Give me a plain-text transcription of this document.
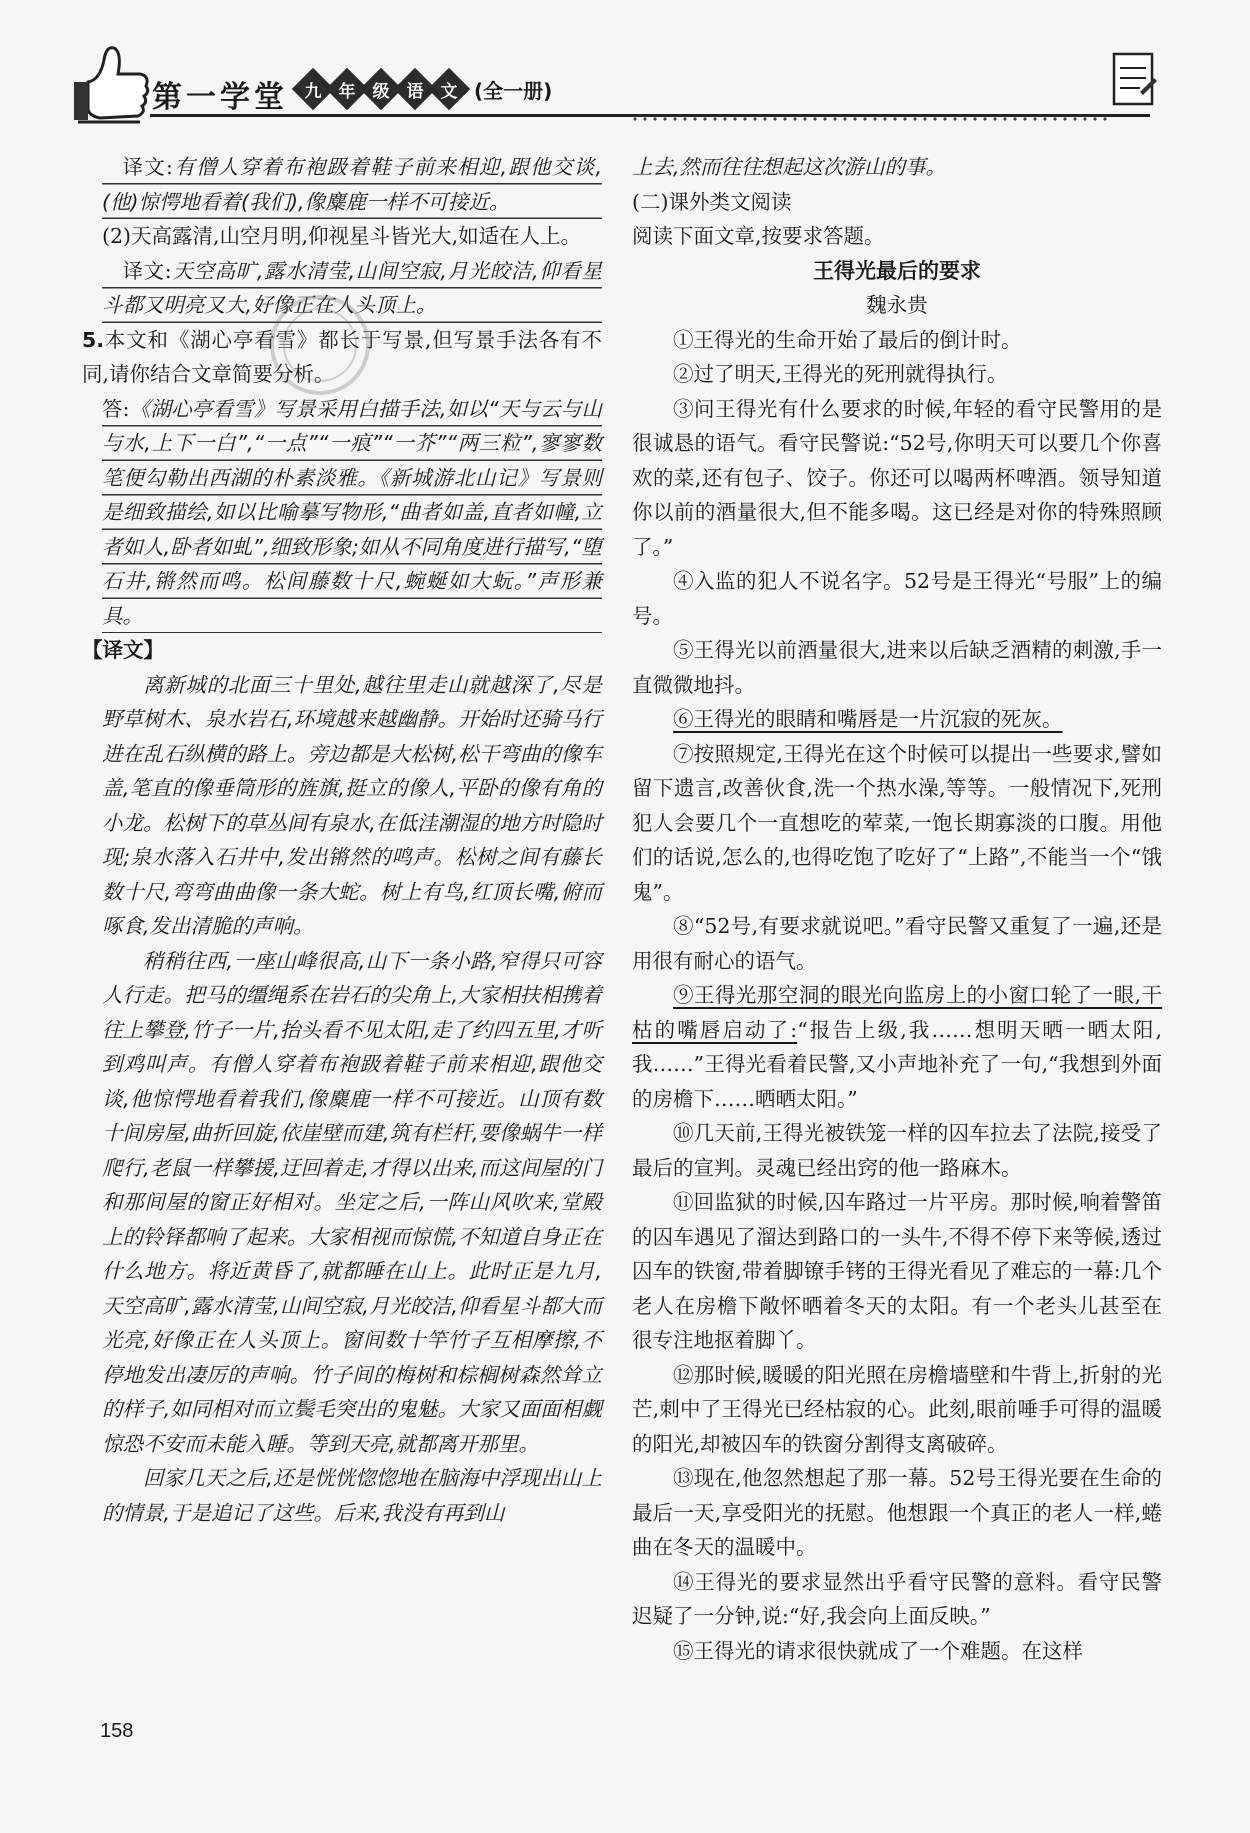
第一学堂 九 年 级 语 文 (全一册)

译文:有僧人穿着布袍趿着鞋子前来相迎,跟他交谈,(他)惊愕地看着(我们),像麋鹿一样不可接近。

(2)天高露清,山空月明,仰视星斗皆光大,如适在人上。

译文:天空高旷,露水清莹,山间空寂,月光皎洁,仰看星斗都又明亮又大,好像正在人头顶上。

5.本文和《湖心亭看雪》都长于写景,但写景手法各有不同,请你结合文章简要分析。

答:《湖心亭看雪》写景采用白描手法,如以“天与云与山与水,上下一白”,“一点”“一痕”“一芥”“两三粒”,寥寥数笔便勾勒出西湖的朴素淡雅。《新城游北山记》写景则是细致描绘,如以比喻摹写物形,“曲者如盖,直者如幢,立者如人,卧者如虬”,细致形象;如从不同角度进行描写,“堕石井,锵然而鸣。松间藤数十尺,蜿蜒如大蚖。”声形兼具。

【译文】

离新城的北面三十里处,越往里走山就越深了,尽是野草树木、泉水岩石,环境越来越幽静。开始时还骑马行进在乱石纵横的路上。旁边都是大松树,松干弯曲的像车盖,笔直的像垂筒形的旌旗,挺立的像人,平卧的像有角的小龙。松树下的草丛间有泉水,在低洼潮湿的地方时隐时现;泉水落入石井中,发出锵然的鸣声。松树之间有藤长数十尺,弯弯曲曲像一条大蛇。树上有鸟,红顶长嘴,俯而啄食,发出清脆的声响。

稍稍往西,一座山峰很高,山下一条小路,窄得只可容人行走。把马的缰绳系在岩石的尖角上,大家相扶相携着往上攀登,竹子一片,抬头看不见太阳,走了约四五里,才听到鸡叫声。有僧人穿着布袍趿着鞋子前来相迎,跟他交谈,他惊愕地看着我们,像麋鹿一样不可接近。山顶有数十间房屋,曲折回旋,依崖壁而建,筑有栏杆,要像蜗牛一样爬行,老鼠一样攀援,迂回着走,才得以出来,而这间屋的门和那间屋的窗正好相对。坐定之后,一阵山风吹来,堂殿上的铃铎都响了起来。大家相视而惊慌,不知道自身正在什么地方。将近黄昏了,就都睡在山上。此时正是九月,天空高旷,露水清莹,山间空寂,月光皎洁,仰看星斗都大而光亮,好像正在人头顶上。窗间数十竿竹子互相摩擦,不停地发出凄厉的声响。竹子间的梅树和棕榈树森然耸立的样子,如同相对而立鬓毛突出的鬼魅。大家又面面相觑惊恐不安而未能入睡。等到天亮,就都离开那里。

回家几天之后,还是恍恍惚惚地在脑海中浮现出山上的情景,于是追记了这些。后来,我没有再到山

上去,然而往往想起这次游山的事。

(二)课外类文阅读

阅读下面文章,按要求答题。

王得光最后的要求

魏永贵

①王得光的生命开始了最后的倒计时。

②过了明天,王得光的死刑就得执行。

③问王得光有什么要求的时候,年轻的看守民警用的是很诚恳的语气。看守民警说:“52号,你明天可以要几个你喜欢的菜,还有包子、饺子。你还可以喝两杯啤酒。领导知道你以前的酒量很大,但不能多喝。这已经是对你的特殊照顾了。”

④入监的犯人不说名字。52号是王得光“号服”上的编号。

⑤王得光以前酒量很大,进来以后缺乏酒精的刺激,手一直微微地抖。

⑥王得光的眼睛和嘴唇是一片沉寂的死灰。

⑦按照规定,王得光在这个时候可以提出一些要求,譬如留下遗言,改善伙食,洗一个热水澡,等等。一般情况下,死刑犯人会要几个一直想吃的荤菜,一饱长期寡淡的口腹。用他们的话说,怎么的,也得吃饱了吃好了“上路”,不能当一个“饿鬼”。

⑧“52号,有要求就说吧。”看守民警又重复了一遍,还是用很有耐心的语气。

⑨王得光那空洞的眼光向监房上的小窗口轮了一眼,干枯的嘴唇启动了:“报告上级,我……想明天晒一晒太阳,我……”王得光看着民警,又小声地补充了一句,“我想到外面的房檐下……晒晒太阳。”

⑩几天前,王得光被铁笼一样的囚车拉去了法院,接受了最后的宣判。灵魂已经出窍的他一路麻木。

⑪回监狱的时候,囚车路过一片平房。那时候,响着警笛的囚车遇见了溜达到路口的一头牛,不得不停下来等候,透过囚车的铁窗,带着脚镣手铐的王得光看见了难忘的一幕:几个老人在房檐下敞怀晒着冬天的太阳。有一个老头儿甚至在很专注地抠着脚丫。

⑫那时候,暖暖的阳光照在房檐墙壁和牛背上,折射的光芒,刺中了王得光已经枯寂的心。此刻,眼前唾手可得的温暖的阳光,却被囚车的铁窗分割得支离破碎。

⑬现在,他忽然想起了那一幕。52号王得光要在生命的最后一天,享受阳光的抚慰。他想跟一个真正的老人一样,蜷曲在冬天的温暖中。

⑭王得光的要求显然出乎看守民警的意料。看守民警迟疑了一分钟,说:“好,我会向上面反映。”

⑮王得光的请求很快就成了一个难题。在这样

158
